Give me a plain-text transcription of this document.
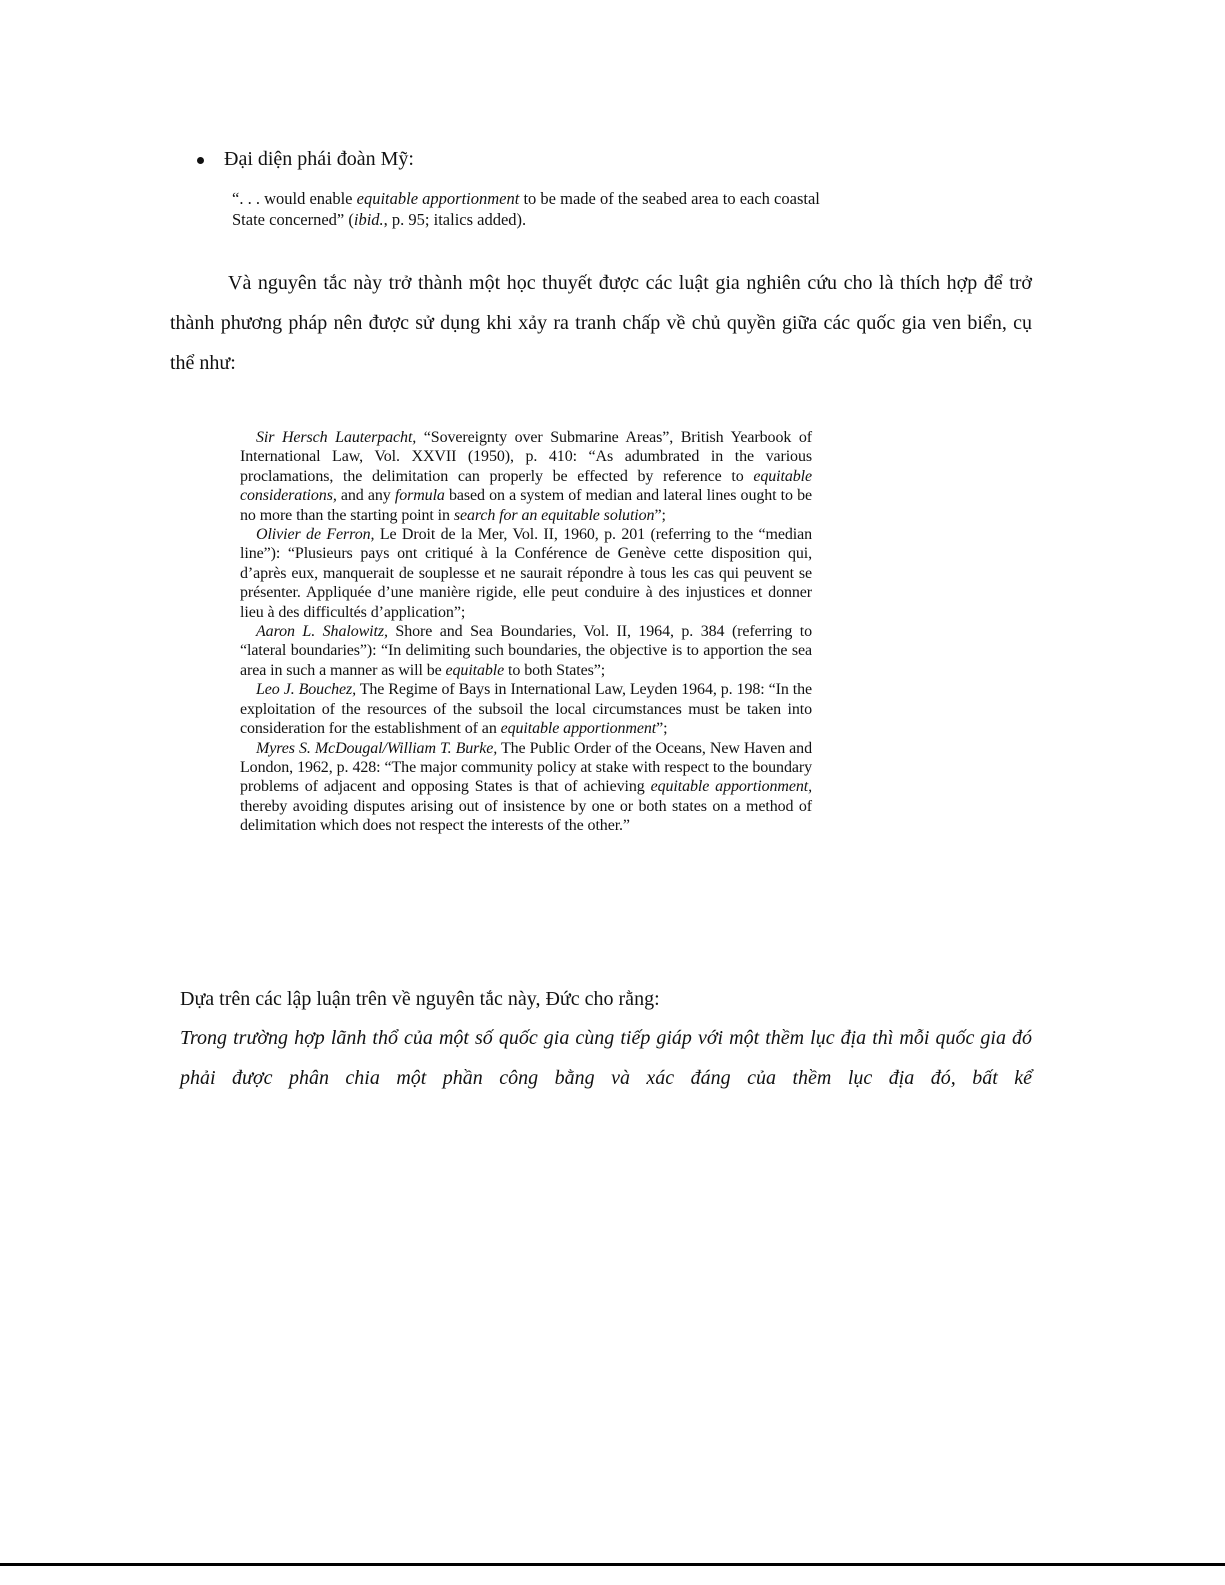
Đại diện phái đoàn Mỹ:
“. . . would enable equitable apportionment to be made of the seabed area to each coastal State concerned” (ibid., p. 95; italics added).
Và nguyên tắc này trở thành một học thuyết được các luật gia nghiên cứu cho là thích hợp để trở thành phương pháp nên được sử dụng khi xảy ra tranh chấp về chủ quyền giữa các quốc gia ven biển, cụ thể như:

Sir Hersch Lauterpacht, “Sovereignty over Submarine Areas”, British Yearbook of International Law, Vol. XXVII (1950), p. 410: “As adumbrated in the various proclamations, the delimitation can properly be effected by reference to equitable considerations, and any formula based on a system of median and lateral lines ought to be no more than the starting point in search for an equitable solution”;

Olivier de Ferron, Le Droit de la Mer, Vol. II, 1960, p. 201 (referring to the “median line”): “Plusieurs pays ont critiqué à la Conférence de Genève cette disposition qui, d’après eux, manquerait de souplesse et ne saurait répondre à tous les cas qui peuvent se présenter. Appliquée d’une manière rigide, elle peut conduire à des injustices et donner lieu à des difficultés d’application”;

Aaron L. Shalowitz, Shore and Sea Boundaries, Vol. II, 1964, p. 384 (referring to “lateral boundaries”): “In delimiting such boundaries, the objective is to apportion the sea area in such a manner as will be equitable to both States”;

Leo J. Bouchez, The Regime of Bays in International Law, Leyden 1964, p. 198: “In the exploitation of the resources of the subsoil the local circumstances must be taken into consideration for the establishment of an equitable apportionment”;

Myres S. McDougal/William T. Burke, The Public Order of the Oceans, New Haven and London, 1962, p. 428: “The major community policy at stake with respect to the boundary problems of adjacent and opposing States is that of achieving equitable apportionment, thereby avoiding disputes arising out of insistence by one or both states on a method of delimitation which does not respect the interests of the other.”

Dựa trên các lập luận trên về nguyên tắc này, Đức cho rằng:
Trong trường hợp lãnh thổ của một số quốc gia cùng tiếp giáp với một thềm lục địa thì mỗi quốc gia đó phải được phân chia một phần công bằng và xác đáng của thềm lục địa đó, bất kể
